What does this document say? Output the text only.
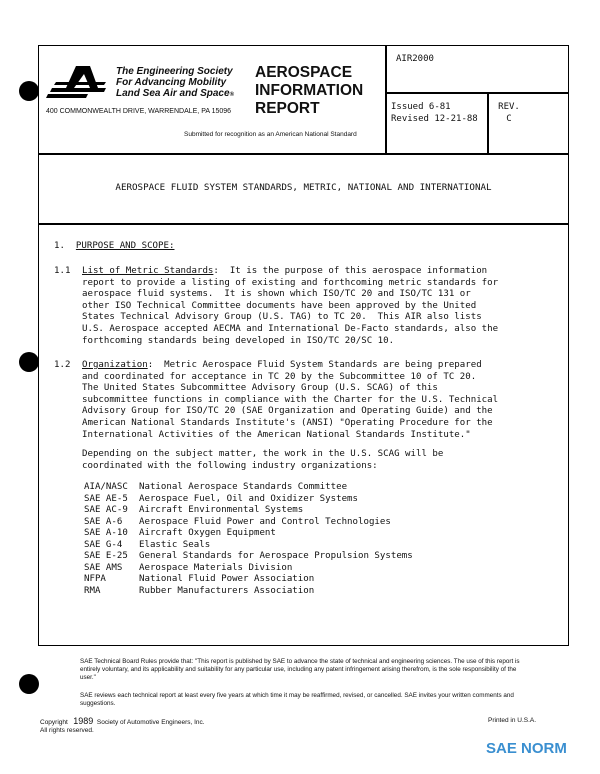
The Engineering Society
For Advancing Mobility
Land Sea Air and Space®
400 COMMONWEALTH DRIVE, WARRENDALE, PA 15096
AEROSPACE
INFORMATION
REPORT
Submitted for recognition as an American National Standard
AIR2000
Issued 6-81
Revised 12-21-88
REV.
C
AEROSPACE FLUID SYSTEM STANDARDS, METRIC, NATIONAL AND INTERNATIONAL
1. PURPOSE AND SCOPE:
1.1 List of Metric Standards:  It is the purpose of this aerospace information
report to provide a listing of existing and forthcoming metric standards for
aerospace fluid systems.  It is shown which ISO/TC 20 and ISO/TC 131 or
other ISO Technical Committee documents have been approved by the United
States Technical Advisory Group (U.S. TAG) to TC 20.  This AIR also lists
U.S. Aerospace accepted AECMA and International De-Facto standards, also the
forthcoming standards being developed in ISO/TC 20/SC 10.
1.2 Organization:  Metric Aerospace Fluid System Standards are being prepared
and coordinated for acceptance in TC 20 by the Subcommittee 10 of TC 20.
The United States Subcommittee Advisory Group (U.S. SCAG) of this
subcommittee functions in compliance with the Charter for the U.S. Technical
Advisory Group for ISO/TC 20 (SAE Organization and Operating Guide) and the
American National Standards Institute's (ANSI) "Operating Procedure for the
International Activities of the American National Standards Institute."
Depending on the subject matter, the work in the U.S. SCAG will be
coordinated with the following industry organizations:
AIA/NASC	National Aerospace Standards Committee
SAE AE-5	Aerospace Fuel, Oil and Oxidizer Systems
SAE AC-9	Aircraft Environmental Systems
SAE A-6	Aerospace Fluid Power and Control Technologies
SAE A-10	Aircraft Oxygen Equipment
SAE G-4	Elastic Seals
SAE E-25	General Standards for Aerospace Propulsion Systems
SAE AMS	Aerospace Materials Division
NFPA	National Fluid Power Association
RMA	Rubber Manufacturers Association
SAE Technical Board Rules provide that: "This report is published by SAE to advance the state of technical and engineering sciences. The use of this report is entirely voluntary, and its applicability and suitability for any particular use, including any patent infringement arising therefrom, is the sole responsibility of the user."
SAE reviews each technical report at least every five years at which time it may be reaffirmed, revised, or cancelled. SAE invites your written comments and suggestions.
Copyright 1989 Society of Automotive Engineers, Inc.
All rights reserved.
Printed in U.S.A.
SAE NORM
